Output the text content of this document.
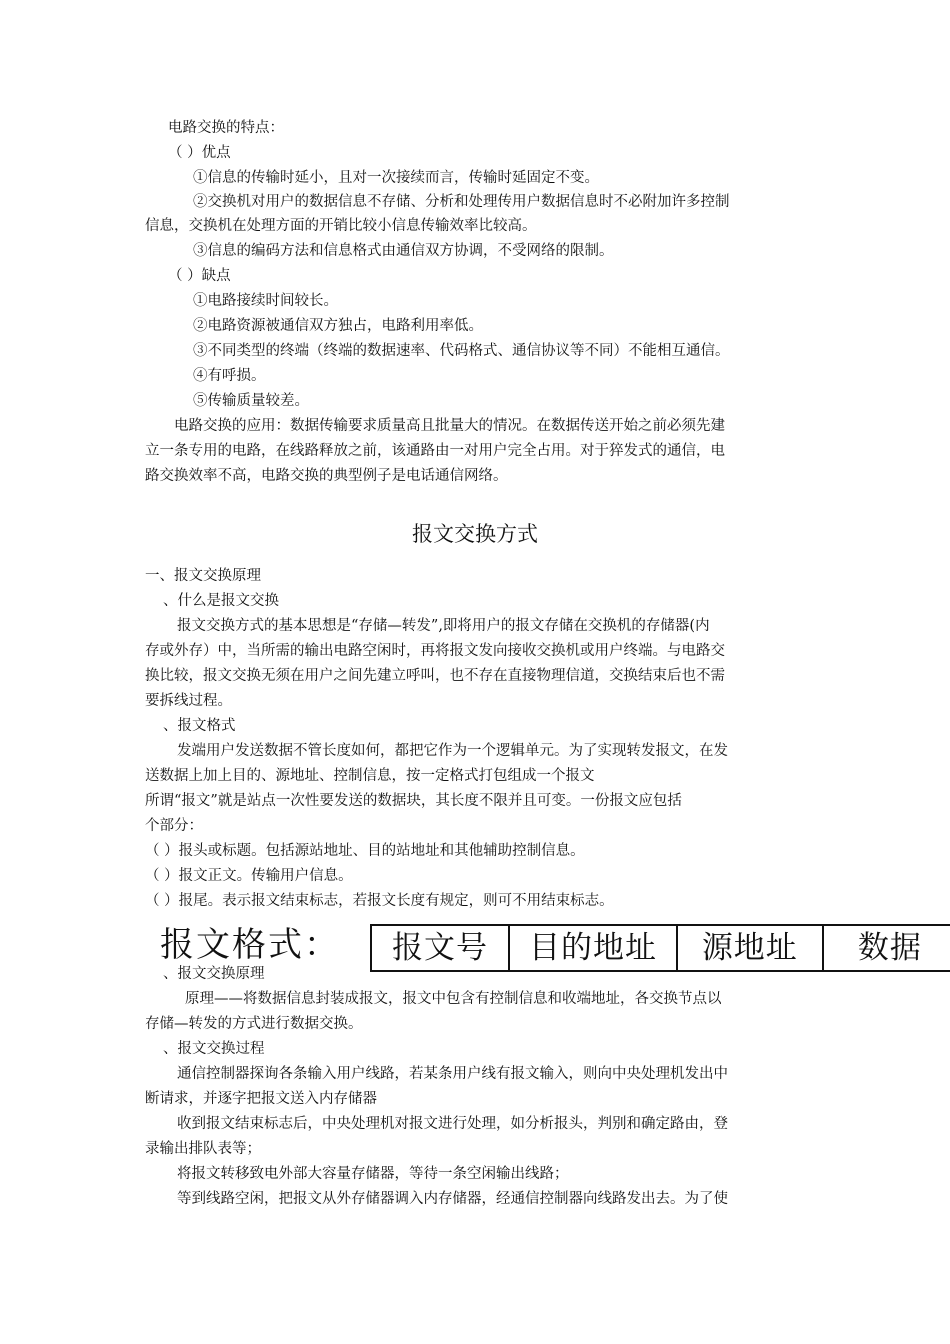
电路交换的特点：
（ ）优点
①信息的传输时延小，且对一次接续而言，传输时延固定不变。
②交换机对用户的数据信息不存储、分析和处理传用户数据信息时不必附加许多控制
信息，交换机在处理方面的开销比较小信息传输效率比较高。
③信息的编码方法和信息格式由通信双方协调，不受网络的限制。
（ ）缺点
①电路接续时间较长。
②电路资源被通信双方独占，电路利用率低。
③不同类型的终端（终端的数据速率、代码格式、通信协议等不同）不能相互通信。
④有呼损。
⑤传输质量较差。
电路交换的应用：数据传输要求质量高且批量大的情况。在数据传送开始之前必须先建
立一条专用的电路，在线路释放之前，该通路由一对用户完全占用。对于猝发式的通信，电
路交换效率不高，电路交换的典型例子是电话通信网络。
报文交换方式
一、报文交换原理
、什么是报文交换
报文交换方式的基本思想是“存储—转发”,即将用户的报文存储在交换机的存储器(内
存或外存）中，当所需的输出电路空闲时，再将报文发向接收交换机或用户终端。与电路交
换比较，报文交换无须在用户之间先建立呼叫，也不存在直接物理信道，交换结束后也不需
要拆线过程。
、报文格式
发端用户发送数据不管长度如何，都把它作为一个逻辑单元。为了实现转发报文，在发
送数据上加上目的、源地址、控制信息，按一定格式打包组成一个报文
所谓“报文”就是站点一次性要发送的数据块，其长度不限并且可变。一份报文应包括
个部分：
（ ）报头或标题。包括源站地址、目的站地址和其他辅助控制信息。
（ ）报文正文。传输用户信息。
（ ）报尾。表示报文结束标志，若报文长度有规定，则可不用结束标志。
报文格式：	报文号	目的地址	源地址	数据
、报文交换原理
原理——将数据信息封装成报文，报文中包含有控制信息和收端地址，各交换节点以
存储—转发的方式进行数据交换。
、报文交换过程
通信控制器探询各条输入用户线路，若某条用户线有报文输入，则向中央处理机发出中
断请求，并逐字把报文送入内存储器
收到报文结束标志后，中央处理机对报文进行处理，如分析报头，判别和确定路由，登
录输出排队表等；
将报文转移致电外部大容量存储器，等待一条空闲输出线路；
等到线路空闲，把报文从外存储器调入内存储器，经通信控制器向线路发出去。为了使
